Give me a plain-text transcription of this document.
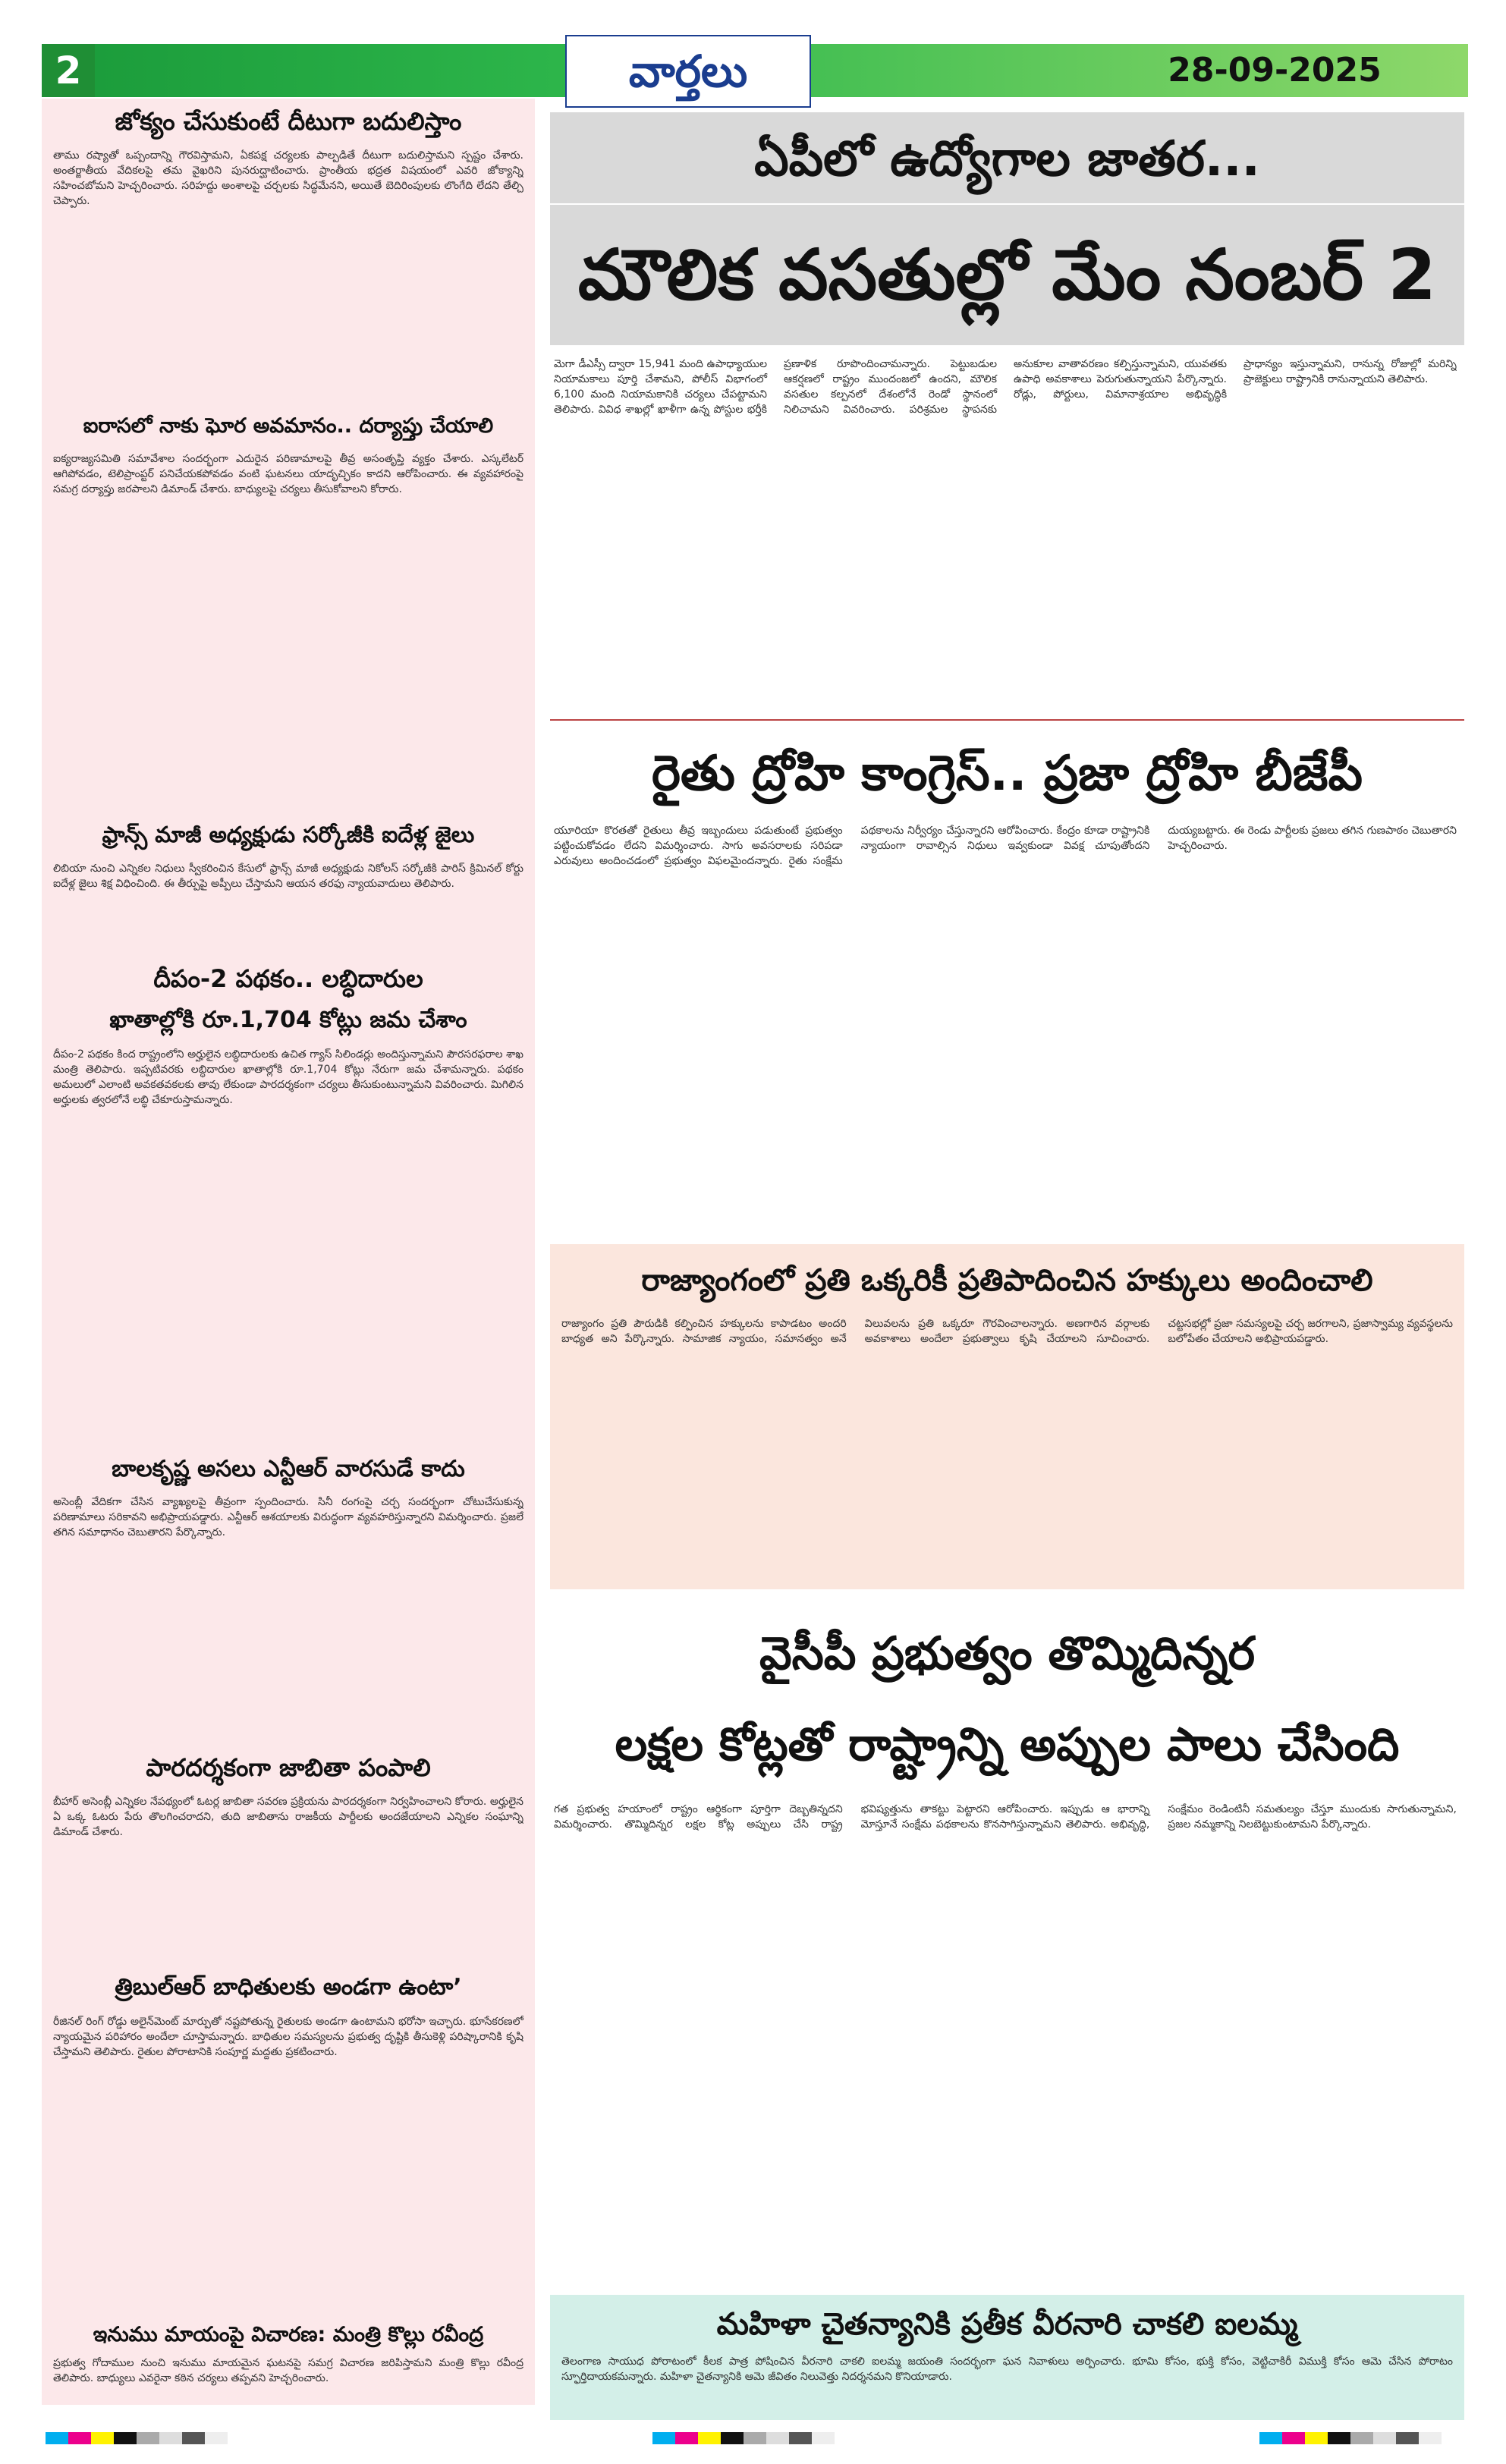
2	వార్తలు	28-09-2025
జోక్యం చేసుకుంటే దీటుగా బదులిస్తాం
తాము రష్యాతో ఒప్పందాన్ని గౌరవిస్తామని, ఏకపక్ష చర్యలకు పాల్పడితే దీటుగా బదులిస్తామని స్పష్టం చేశారు. అంతర్జాతీయ వేదికలపై తమ వైఖరిని పునరుద్ఘాటించారు. ప్రాంతీయ భద్రత విషయంలో ఎవరి జోక్యాన్ని సహించబోమని హెచ్చరించారు. సరిహద్దు అంశాలపై చర్చలకు సిద్ధమేనని, అయితే బెదిరింపులకు లొంగేది లేదని తేల్చి చెప్పారు.
ఐరాసలో నాకు ఘోర అవమానం.. దర్యాప్తు చేయాలి
ఐక్యరాజ్యసమితి సమావేశాల సందర్భంగా ఎదురైన పరిణామాలపై తీవ్ర అసంతృప్తి వ్యక్తం చేశారు. ఎస్కలేటర్ ఆగిపోవడం, టెలిప్రాంప్టర్ పనిచేయకపోవడం వంటి ఘటనలు యాదృచ్ఛికం కాదని ఆరోపించారు. ఈ వ్యవహారంపై సమగ్ర దర్యాప్తు జరపాలని డిమాండ్ చేశారు. బాధ్యులపై చర్యలు తీసుకోవాలని కోరారు.
ఫ్రాన్స్ మాజీ అధ్యక్షుడు సర్కోజీకి ఐదేళ్ల జైలు
లిబియా నుంచి ఎన్నికల నిధులు స్వీకరించిన కేసులో ఫ్రాన్స్ మాజీ అధ్యక్షుడు నికోలస్ సర్కోజీకి పారిస్ క్రిమినల్ కోర్టు ఐదేళ్ల జైలు శిక్ష విధించింది. ఈ తీర్పుపై అప్పీలు చేస్తామని ఆయన తరఫు న్యాయవాదులు తెలిపారు.
దీపం-2 పథకం.. లబ్ధిదారుల
ఖాతాల్లోకి రూ.1,704 కోట్లు జమ చేశాం
దీపం-2 పథకం కింద రాష్ట్రంలోని అర్హులైన లబ్ధిదారులకు ఉచిత గ్యాస్ సిలిండర్లు అందిస్తున్నామని పౌరసరఫరాల శాఖ మంత్రి తెలిపారు. ఇప్పటివరకు లబ్ధిదారుల ఖాతాల్లోకి రూ.1,704 కోట్లు నేరుగా జమ చేశామన్నారు. పథకం అమలులో ఎలాంటి అవకతవకలకు తావు లేకుండా పారదర్శకంగా చర్యలు తీసుకుంటున్నామని వివరించారు. మిగిలిన అర్హులకు త్వరలోనే లబ్ధి చేకూరుస్తామన్నారు.
బాలకృష్ణ అసలు ఎన్టీఆర్ వారసుడే కాదు
అసెంబ్లీ వేదికగా చేసిన వ్యాఖ్యలపై తీవ్రంగా స్పందించారు. సినీ రంగంపై చర్చ సందర్భంగా చోటుచేసుకున్న పరిణామాలు సరికావని అభిప్రాయపడ్డారు. ఎన్టీఆర్ ఆశయాలకు విరుద్ధంగా వ్యవహరిస్తున్నారని విమర్శించారు. ప్రజలే తగిన సమాధానం చెబుతారని పేర్కొన్నారు.
పారదర్శకంగా జాబితా పంపాలి
బీహార్ అసెంబ్లీ ఎన్నికల నేపథ్యంలో ఓటర్ల జాబితా సవరణ ప్రక్రియను పారదర్శకంగా నిర్వహించాలని కోరారు. అర్హులైన ఏ ఒక్క ఓటరు పేరు తొలగించరాదని, తుది జాబితాను రాజకీయ పార్టీలకు అందజేయాలని ఎన్నికల సంఘాన్ని డిమాండ్ చేశారు.
త్రిబుల్ఆర్ బాధితులకు అండగా ఉంటా’
రీజినల్ రింగ్ రోడ్డు అలైన్‌మెంట్ మార్పుతో నష్టపోతున్న రైతులకు అండగా ఉంటామని భరోసా ఇచ్చారు. భూసేకరణలో న్యాయమైన పరిహారం అందేలా చూస్తామన్నారు. బాధితుల సమస్యలను ప్రభుత్వ దృష్టికి తీసుకెళ్లి పరిష్కారానికి కృషి చేస్తామని తెలిపారు. రైతుల పోరాటానికి సంపూర్ణ మద్దతు ప్రకటించారు.
ఇనుము మాయంపై విచారణ: మంత్రి కొల్లు రవీంద్ర
ప్రభుత్వ గోదాముల నుంచి ఇనుము మాయమైన ఘటనపై సమగ్ర విచారణ జరిపిస్తామని మంత్రి కొల్లు రవీంద్ర తెలిపారు. బాధ్యులు ఎవరైనా కఠిన చర్యలు తప్పవని హెచ్చరించారు.
ఏపీలో ఉద్యోగాల జాతర...
మౌలిక వసతుల్లో మేం నంబర్ 2
మెగా డీఎస్సీ ద్వారా 15,941 మంది ఉపాధ్యాయుల నియామకాలు పూర్తి చేశామని, పోలీస్ విభాగంలో 6,100 మంది నియామకానికి చర్యలు చేపట్టామని తెలిపారు. వివిధ శాఖల్లో ఖాళీగా ఉన్న పోస్టుల భర్తీకి ప్రణాళిక రూపొందించామన్నారు. పెట్టుబడుల ఆకర్షణలో రాష్ట్రం ముందంజలో ఉందని, మౌలిక వసతుల కల్పనలో దేశంలోనే రెండో స్థానంలో నిలిచామని వివరించారు. పరిశ్రమల స్థాపనకు అనుకూల వాతావరణం కల్పిస్తున్నామని, యువతకు ఉపాధి అవకాశాలు పెరుగుతున్నాయని పేర్కొన్నారు. రోడ్లు, పోర్టులు, విమానాశ్రయాల అభివృద్ధికి ప్రాధాన్యం ఇస్తున్నామని, రానున్న రోజుల్లో మరిన్ని ప్రాజెక్టులు రాష్ట్రానికి రానున్నాయని తెలిపారు.
రైతు ద్రోహి కాంగ్రెస్.. ప్రజా ద్రోహి బీజేపీ
యూరియా కొరతతో రైతులు తీవ్ర ఇబ్బందులు పడుతుంటే ప్రభుత్వం పట్టించుకోవడం లేదని విమర్శించారు. సాగు అవసరాలకు సరిపడా ఎరువులు అందించడంలో ప్రభుత్వం విఫలమైందన్నారు. రైతు సంక్షేమ పథకాలను నిర్వీర్యం చేస్తున్నారని ఆరోపించారు. కేంద్రం కూడా రాష్ట్రానికి న్యాయంగా రావాల్సిన నిధులు ఇవ్వకుండా వివక్ష చూపుతోందని దుయ్యబట్టారు. ఈ రెండు పార్టీలకు ప్రజలు తగిన గుణపాఠం చెబుతారని హెచ్చరించారు.
రాజ్యాంగంలో ప్రతి ఒక్కరికీ ప్రతిపాదించిన హక్కులు అందించాలి
రాజ్యాంగం ప్రతి పౌరుడికి కల్పించిన హక్కులను కాపాడటం అందరి బాధ్యత అని పేర్కొన్నారు. సామాజిక న్యాయం, సమానత్వం అనే విలువలను ప్రతి ఒక్కరూ గౌరవించాలన్నారు. అణగారిన వర్గాలకు అవకాశాలు అందేలా ప్రభుత్వాలు కృషి చేయాలని సూచించారు. చట్టసభల్లో ప్రజా సమస్యలపై చర్చ జరగాలని, ప్రజాస్వామ్య వ్యవస్థలను బలోపేతం చేయాలని అభిప్రాయపడ్డారు.
వైసీపీ ప్రభుత్వం తొమ్మిదిన్నర
లక్షల కోట్లతో రాష్ట్రాన్ని అప్పుల పాలు చేసింది
గత ప్రభుత్వ హయాంలో రాష్ట్రం ఆర్థికంగా పూర్తిగా దెబ్బతిన్నదని విమర్శించారు. తొమ్మిదిన్నర లక్షల కోట్ల అప్పులు చేసి రాష్ట్ర భవిష్యత్తును తాకట్టు పెట్టారని ఆరోపించారు. ఇప్పుడు ఆ భారాన్ని మోస్తూనే సంక్షేమ పథకాలను కొనసాగిస్తున్నామని తెలిపారు. అభివృద్ధి, సంక్షేమం రెండింటినీ సమతుల్యం చేస్తూ ముందుకు సాగుతున్నామని, ప్రజల నమ్మకాన్ని నిలబెట్టుకుంటామని పేర్కొన్నారు.
మహిళా చైతన్యానికి ప్రతీక వీరనారి చాకలి ఐలమ్మ
తెలంగాణ సాయుధ పోరాటంలో కీలక పాత్ర పోషించిన వీరనారి చాకలి ఐలమ్మ జయంతి సందర్భంగా ఘన నివాళులు అర్పించారు. భూమి కోసం, భుక్తి కోసం, వెట్టిచాకిరీ విముక్తి కోసం ఆమె చేసిన పోరాటం స్ఫూర్తిదాయకమన్నారు. మహిళా చైతన్యానికి ఆమె జీవితం నిలువెత్తు నిదర్శనమని కొనియాడారు.
